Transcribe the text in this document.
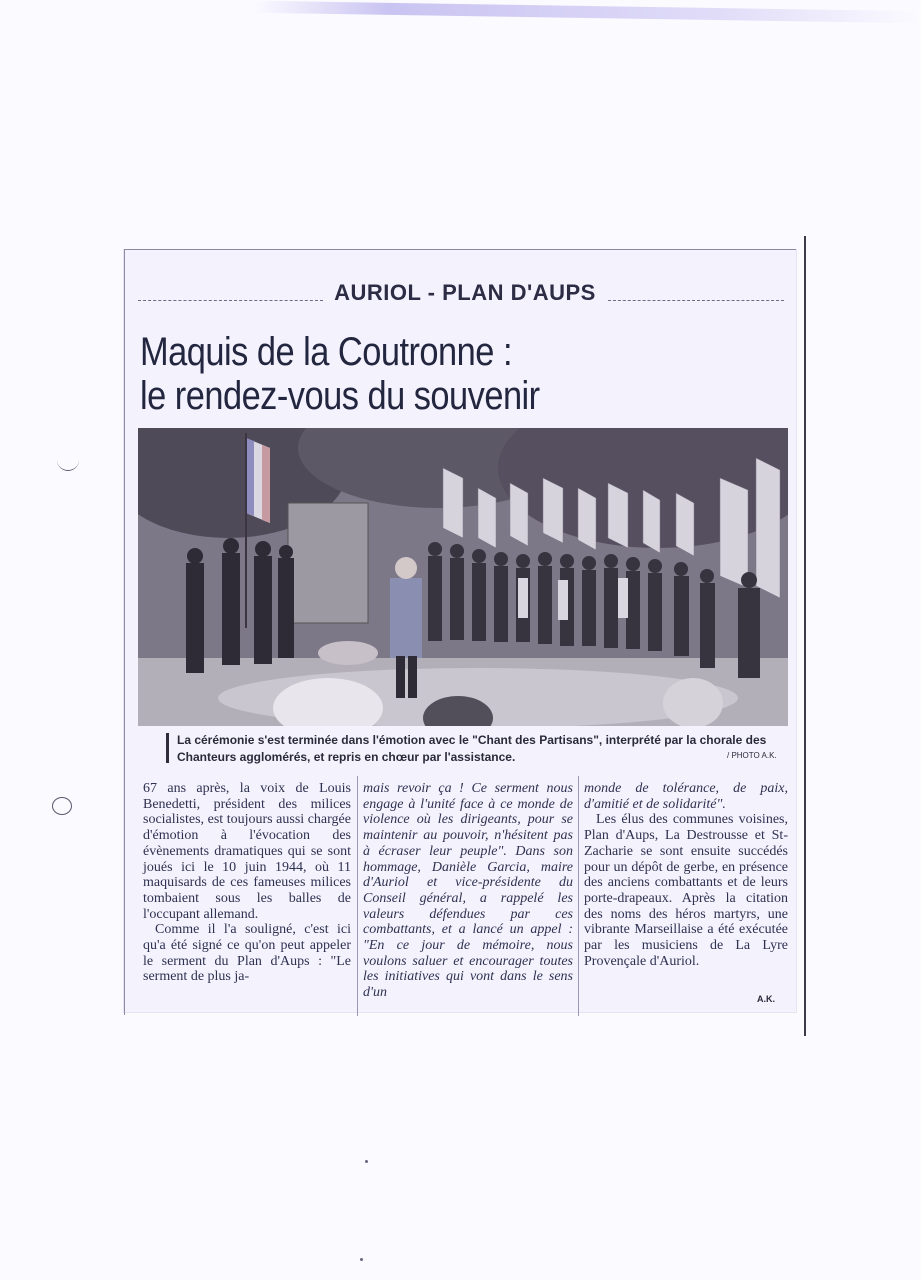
AURIOL - PLAN D'AUPS
Maquis de la Coutronne :
le rendez-vous du souvenir
La cérémonie s'est terminée dans l'émotion avec le "Chant des Partisans", interprété par la chorale des Chanteurs agglomérés, et repris en chœur par l'assistance.	/ PHOTO A.K.

67 ans après, la voix de Louis Benedetti, président des milices socialistes, est toujours aussi chargée d'émotion à l'évocation des évènements dramatiques qui se sont joués ici le 10 juin 1944, où 11 maquisards de ces fameuses milices tombaient sous les balles de l'occupant allemand.

Comme il l'a souligné, c'est ici qu'a été signé ce qu'on peut appeler le serment du Plan d'Aups : "Le serment de plus ja-

mais revoir ça ! Ce serment nous engage à l'unité face à ce monde de violence où les dirigeants, pour se maintenir au pouvoir, n'hésitent pas à écraser leur peuple". Dans son hommage, Danièle Garcia, maire d'Auriol et vice-présidente du Conseil général, a rappelé les valeurs défendues par ces combattants, et a lancé un appel : "En ce jour de mémoire, nous voulons saluer et encourager toutes les initiatives qui vont dans le sens d'un

monde de tolérance, de paix, d'amitié et de solidarité".

Les élus des communes voisines, Plan d'Aups, La Destrousse et St-Zacharie se sont ensuite succédés pour un dépôt de gerbe, en présence des anciens combattants et de leurs porte-drapeaux. Après la citation des noms des héros martyrs, une vibrante Marseillaise a été exécutée par les musiciens de La Lyre Provençale d'Auriol.

A.K.
